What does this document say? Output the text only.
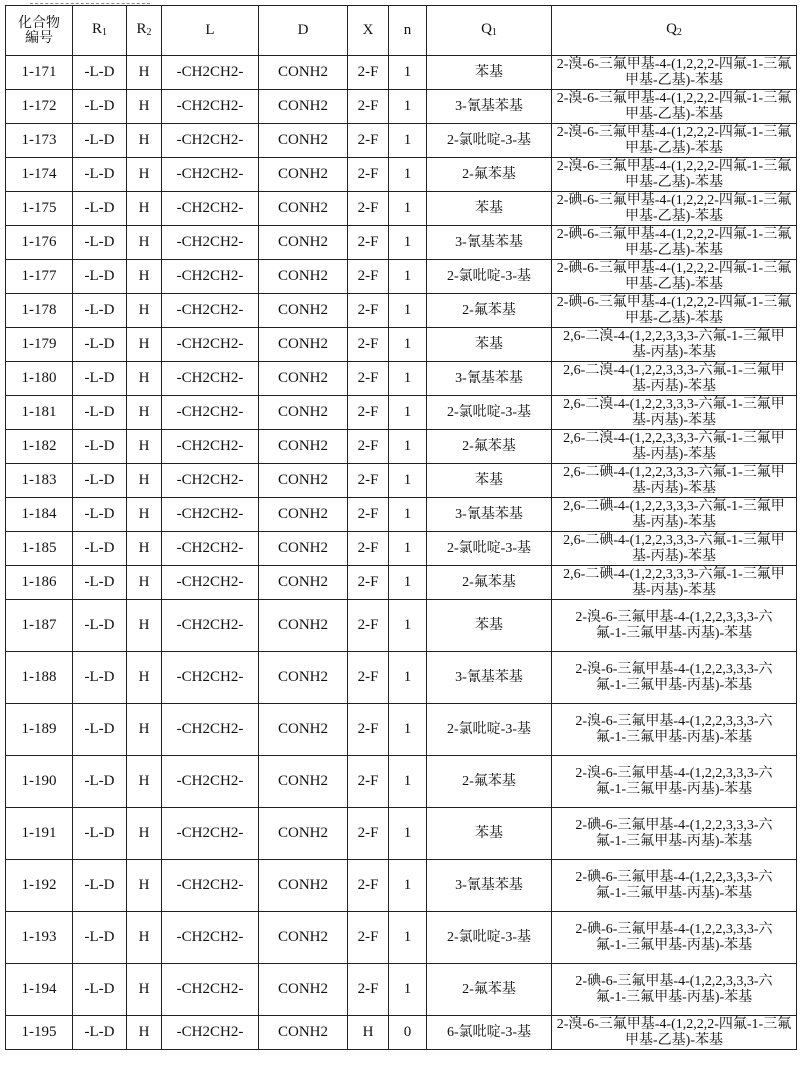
化合物編号	$R_1$	$R_2$	L	D	X	n	$Q_1$	$Q_2$
1-171	-L-D	H	-CH2CH2-	CONH2	2-F	1	苯基	2-溴-6-三氟甲基-4-(1,2,2,2-四氟-1-三氟甲基-乙基)-苯基
1-172	-L-D	H	-CH2CH2-	CONH2	2-F	1	3-氰基苯基	2-溴-6-三氟甲基-4-(1,2,2,2-四氟-1-三氟甲基-乙基)-苯基
1-173	-L-D	H	-CH2CH2-	CONH2	2-F	1	2-氯吡啶-3-基	2-溴-6-三氟甲基-4-(1,2,2,2-四氟-1-三氟甲基-乙基)-苯基
1-174	-L-D	H	-CH2CH2-	CONH2	2-F	1	2-氟苯基	2-溴-6-三氟甲基-4-(1,2,2,2-四氟-1-三氟甲基-乙基)-苯基
1-175	-L-D	H	-CH2CH2-	CONH2	2-F	1	苯基	2-碘-6-三氟甲基-4-(1,2,2,2-四氟-1-三氟甲基-乙基)-苯基
1-176	-L-D	H	-CH2CH2-	CONH2	2-F	1	3-氰基苯基	2-碘-6-三氟甲基-4-(1,2,2,2-四氟-1-三氟甲基-乙基)-苯基
1-177	-L-D	H	-CH2CH2-	CONH2	2-F	1	2-氯吡啶-3-基	2-碘-6-三氟甲基-4-(1,2,2,2-四氟-1-三氟甲基-乙基)-苯基
1-178	-L-D	H	-CH2CH2-	CONH2	2-F	1	2-氟苯基	2-碘-6-三氟甲基-4-(1,2,2,2-四氟-1-三氟甲基-乙基)-苯基
1-179	-L-D	H	-CH2CH2-	CONH2	2-F	1	苯基	2,6-二溴-4-(1,2,2,3,3,3-六氟-1-三氟甲基-丙基)-苯基
1-180	-L-D	H	-CH2CH2-	CONH2	2-F	1	3-氰基苯基	2,6-二溴-4-(1,2,2,3,3,3-六氟-1-三氟甲基-丙基)-苯基
1-181	-L-D	H	-CH2CH2-	CONH2	2-F	1	2-氯吡啶-3-基	2,6-二溴-4-(1,2,2,3,3,3-六氟-1-三氟甲基-丙基)-苯基
1-182	-L-D	H	-CH2CH2-	CONH2	2-F	1	2-氟苯基	2,6-二溴-4-(1,2,2,3,3,3-六氟-1-三氟甲基-丙基)-苯基
1-183	-L-D	H	-CH2CH2-	CONH2	2-F	1	苯基	2,6-二碘-4-(1,2,2,3,3,3-六氟-1-三氟甲基-丙基)-苯基
1-184	-L-D	H	-CH2CH2-	CONH2	2-F	1	3-氰基苯基	2,6-二碘-4-(1,2,2,3,3,3-六氟-1-三氟甲基-丙基)-苯基
1-185	-L-D	H	-CH2CH2-	CONH2	2-F	1	2-氯吡啶-3-基	2,6-二碘-4-(1,2,2,3,3,3-六氟-1-三氟甲基-丙基)-苯基
1-186	-L-D	H	-CH2CH2-	CONH2	2-F	1	2-氟苯基	2,6-二碘-4-(1,2,2,3,3,3-六氟-1-三氟甲基-丙基)-苯基
1-187	-L-D	H	-CH2CH2-	CONH2	2-F	1	苯基	2-溴-6-三氟甲基-4-(1,2,2,3,3,3-六氟-1-三氟甲基-丙基)-苯基
1-188	-L-D	H	-CH2CH2-	CONH2	2-F	1	3-氰基苯基	2-溴-6-三氟甲基-4-(1,2,2,3,3,3-六氟-1-三氟甲基-丙基)-苯基
1-189	-L-D	H	-CH2CH2-	CONH2	2-F	1	2-氯吡啶-3-基	2-溴-6-三氟甲基-4-(1,2,2,3,3,3-六氟-1-三氟甲基-丙基)-苯基
1-190	-L-D	H	-CH2CH2-	CONH2	2-F	1	2-氟苯基	2-溴-6-三氟甲基-4-(1,2,2,3,3,3-六氟-1-三氟甲基-丙基)-苯基
1-191	-L-D	H	-CH2CH2-	CONH2	2-F	1	苯基	2-碘-6-三氟甲基-4-(1,2,2,3,3,3-六氟-1-三氟甲基-丙基)-苯基
1-192	-L-D	H	-CH2CH2-	CONH2	2-F	1	3-氰基苯基	2-碘-6-三氟甲基-4-(1,2,2,3,3,3-六氟-1-三氟甲基-丙基)-苯基
1-193	-L-D	H	-CH2CH2-	CONH2	2-F	1	2-氯吡啶-3-基	2-碘-6-三氟甲基-4-(1,2,2,3,3,3-六氟-1-三氟甲基-丙基)-苯基
1-194	-L-D	H	-CH2CH2-	CONH2	2-F	1	2-氟苯基	2-碘-6-三氟甲基-4-(1,2,2,3,3,3-六氟-1-三氟甲基-丙基)-苯基
1-195	-L-D	H	-CH2CH2-	CONH2	H	0	6-氯吡啶-3-基	2-溴-6-三氟甲基-4-(1,2,2,2-四氟-1-三氟甲基-乙基)-苯基
